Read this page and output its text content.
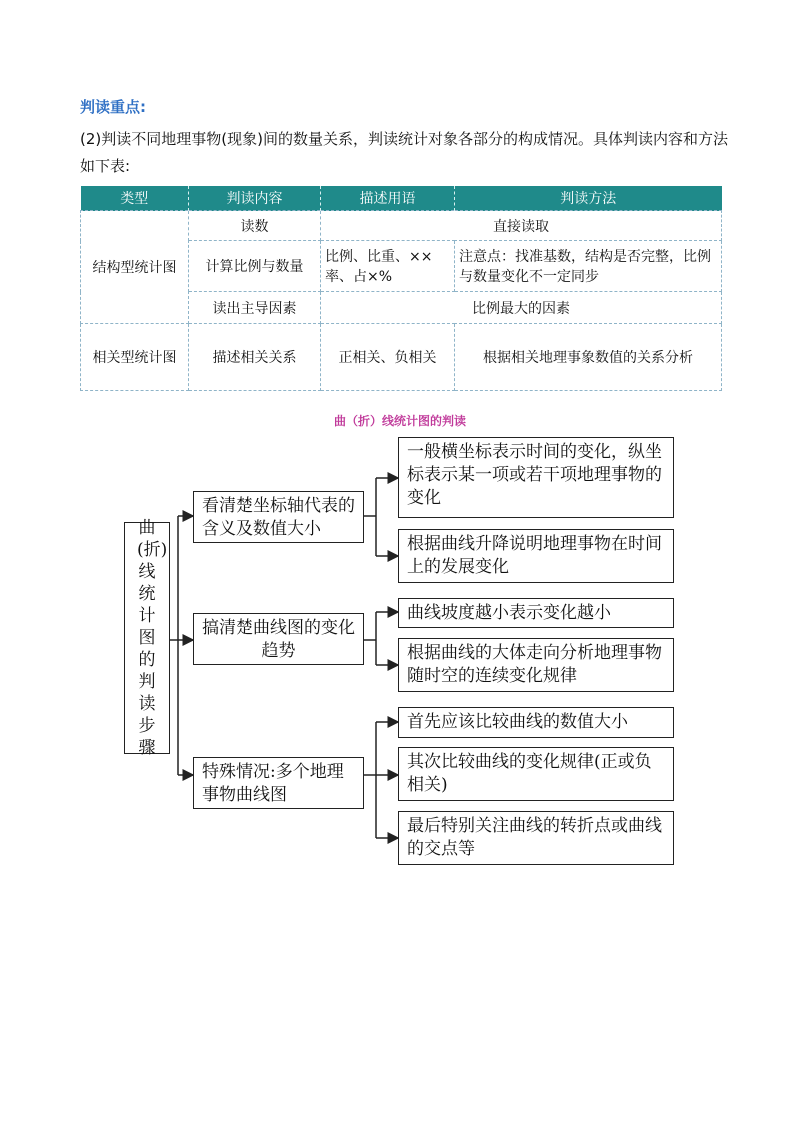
判读重点:
(2)判读不同地理事物(现象)间的数量关系，判读统计对象各部分的构成情况。具体判读内容和方法如下表:
类型	判读内容	描述用语	判读方法
结构型统计图	读数	直接读取	
	计算比例与数量	比例、比重、××率、占×%	注意点：找准基数，结构是否完整，比例与数量变化不一定同步
	读出主导因素	比例最大的因素	
相关型统计图	描述相关关系	正相关、负相关	根据相关地理事象数值的关系分析
曲（折）线统计图的判读
曲(折)线统计图的判读步骤
看清楚坐标轴代表的含义及数值大小
搞清楚曲线图的变化趋势
特殊情况:多个地理事物曲线图
一般横坐标表示时间的变化，纵坐标表示某一项或若干项地理事物的变化
根据曲线升降说明地理事物在时间上的发展变化
曲线坡度越小表示变化越小
根据曲线的大体走向分析地理事物随时空的连续变化规律
首先应该比较曲线的数值大小
其次比较曲线的变化规律(正或负相关)
最后特别关注曲线的转折点或曲线的交点等
